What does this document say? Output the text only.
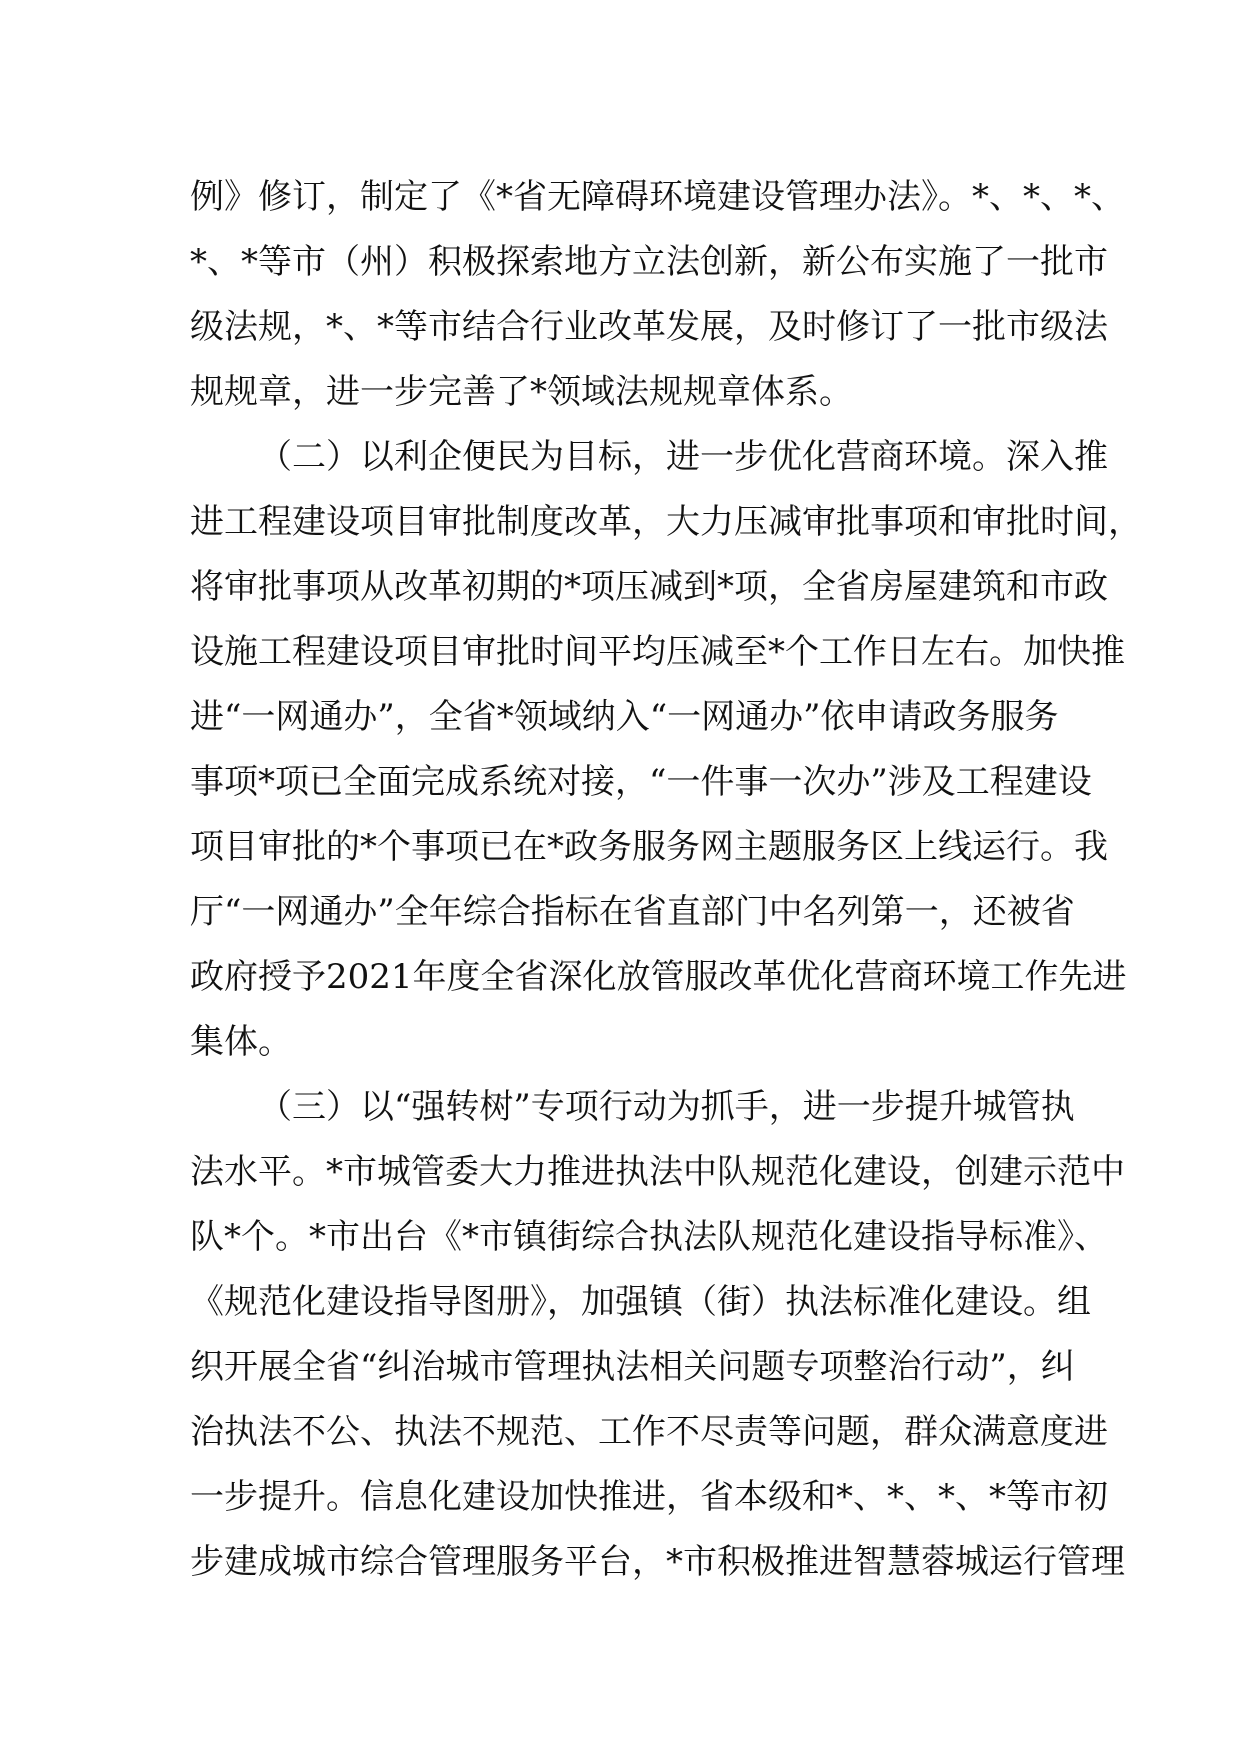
例》修订，制定了《*省无障碍环境建设管理办法》。*、*、*、

*、*等市（州）积极探索地方立法创新，新公布实施了一批市

级法规，*、*等市结合行业改革发展，及时修订了一批市级法

规规章，进一步完善了*领域法规规章体系。

（二）以利企便民为目标，进一步优化营商环境。深入推

进工程建设项目审批制度改革，大力压减审批事项和审批时间，

将审批事项从改革初期的*项压减到*项，全省房屋建筑和市政

设施工程建设项目审批时间平均压减至*个工作日左右。加快推

进“一网通办”，全省*领域纳入“一网通办”依申请政务服务

事项*项已全面完成系统对接，“一件事一次办”涉及工程建设

项目审批的*个事项已在*政务服务网主题服务区上线运行。我

厅“一网通办”全年综合指标在省直部门中名列第一，还被省

政府授予2021年度全省深化放管服改革优化营商环境工作先进

集体。

（三）以“强转树”专项行动为抓手，进一步提升城管执

法水平。*市城管委大力推进执法中队规范化建设，创建示范中

队*个。*市出台《*市镇街综合执法队规范化建设指导标准》、

《规范化建设指导图册》，加强镇（街）执法标准化建设。组

织开展全省“纠治城市管理执法相关问题专项整治行动”，纠

治执法不公、执法不规范、工作不尽责等问题，群众满意度进

一步提升。信息化建设加快推进，省本级和*、*、*、*等市初

步建成城市综合管理服务平台，*市积极推进智慧蓉城运行管理
